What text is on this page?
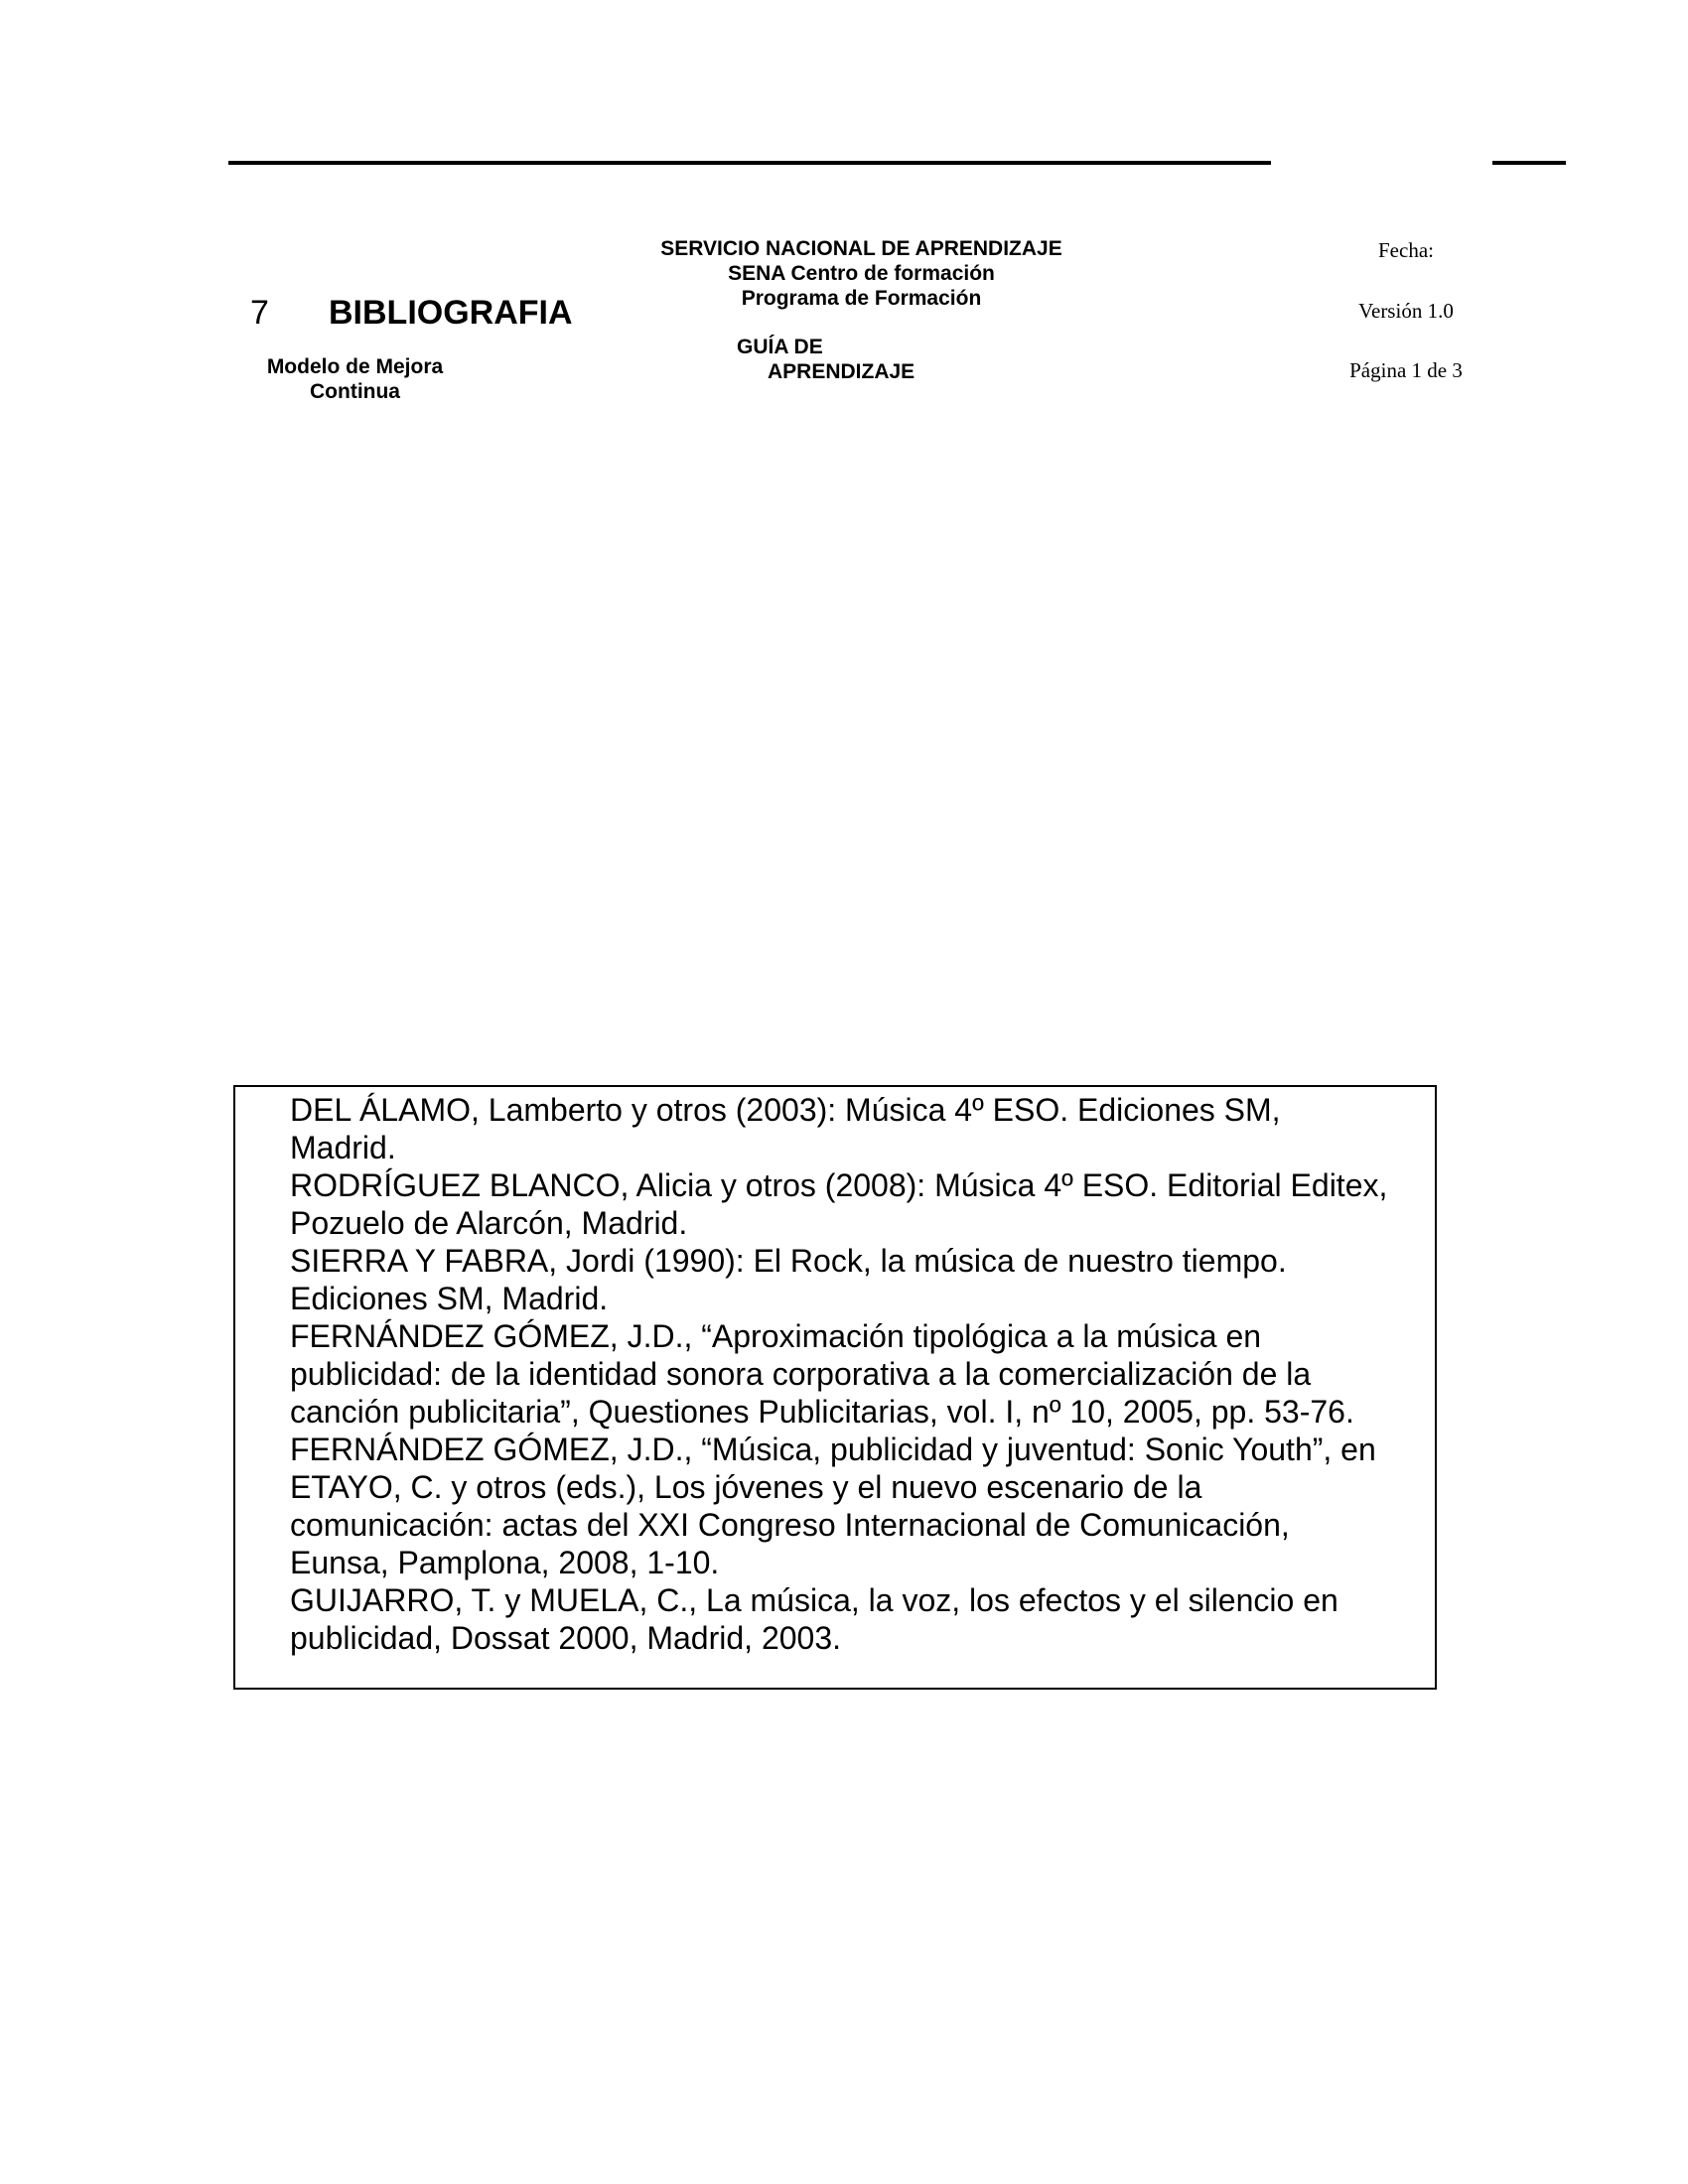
7 BIBLIOGRAFIA
Modelo de Mejora
Continua
SERVICIO NACIONAL DE APRENDIZAJE
SENA Centro de formación
Programa de Formación
GUÍA DE
APRENDIZAJE
Fecha:
Versión 1.0
Página 1 de 3

DEL ÁLAMO, Lamberto y otros (2003): Música 4º ESO. Ediciones SM,

Madrid.

RODRÍGUEZ BLANCO, Alicia y otros (2008): Música 4º ESO. Editorial Editex,

Pozuelo de Alarcón, Madrid.

SIERRA Y FABRA, Jordi (1990): El Rock, la música de nuestro tiempo.

Ediciones SM, Madrid.

FERNÁNDEZ GÓMEZ, J.D., “Aproximación tipológica a la música en

publicidad: de la identidad sonora corporativa a la comercialización de la

canción publicitaria”, Questiones Publicitarias, vol. I, nº 10, 2005, pp. 53-76.

FERNÁNDEZ GÓMEZ, J.D., “Música, publicidad y juventud: Sonic Youth”, en

ETAYO, C. y otros (eds.), Los jóvenes y el nuevo escenario de la

comunicación: actas del XXI Congreso Internacional de Comunicación,

Eunsa, Pamplona, 2008, 1-10.

GUIJARRO, T. y MUELA, C., La música, la voz, los efectos y el silencio en

publicidad, Dossat 2000, Madrid, 2003.
